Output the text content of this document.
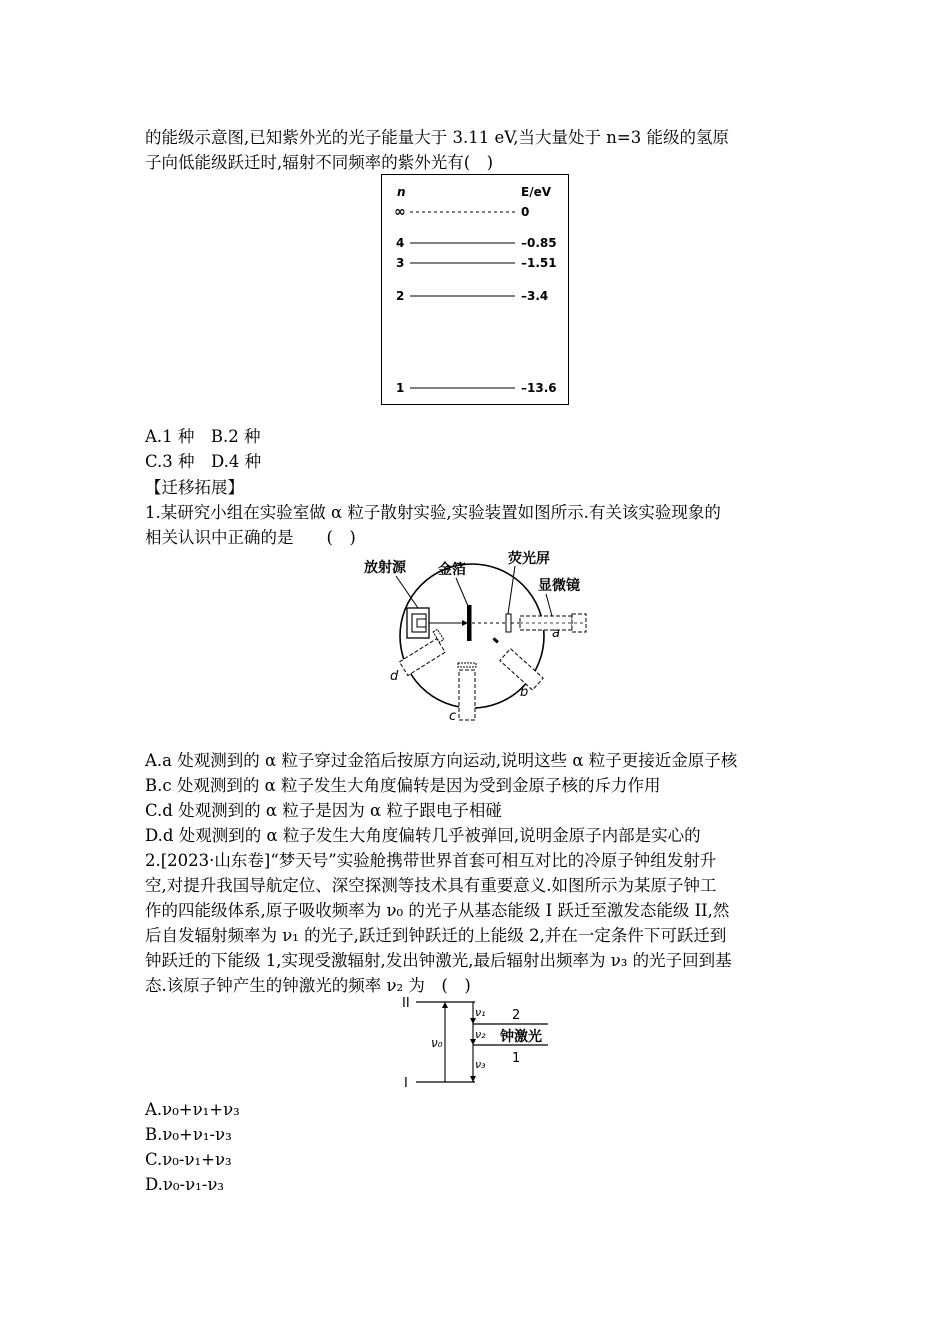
的能级示意图,已知紫外光的光子能量大于 3.11 eV,当大量处于 n=3 能级的氢原
子向低能级跃迁时,辐射不同频率的紫外光有(　)
n	E/eV
∞	0
4	–0.85
3	–1.51
2	–3.4
1	–13.6
A.1 种　B.2 种
C.3 种　D.4 种
【迁移拓展】
1.某研究小组在实验室做 α 粒子散射实验,实验装置如图所示.有关该实验现象的
相关认识中正确的是　　(　)
放射源 金箔
荧光屏
显微镜
a
b
c
d
A.a 处观测到的 α 粒子穿过金箔后按原方向运动,说明这些 α 粒子更接近金原子核
B.c 处观测到的 α 粒子发生大角度偏转是因为受到金原子核的斥力作用
C.d 处观测到的 α 粒子是因为 α 粒子跟电子相碰
D.d 处观测到的 α 粒子发生大角度偏转几乎被弹回,说明金原子内部是实心的
2.[2023·山东卷]“梦天号”实验舱携带世界首套可相互对比的冷原子钟组发射升
空,对提升我国导航定位、深空探测等技术具有重要意义.如图所示为某原子钟工
作的四能级体系,原子吸收频率为 ν₀ 的光子从基态能级 I 跃迁至激发态能级 II,然
后自发辐射频率为 ν₁ 的光子,跃迁到钟跃迁的上能级 2,并在一定条件下可跃迁到
钟跃迁的下能级 1,实现受激辐射,发出钟激光,最后辐射出频率为 ν₃ 的光子回到基
态.该原子钟产生的钟激光的频率 ν₂ 为　(　)
II
I
ν₀
ν₁
ν₂
ν₃
2
钟激光
1
A.ν₀+ν₁+ν₃
B.ν₀+ν₁-ν₃
C.ν₀-ν₁+ν₃
D.ν₀-ν₁-ν₃
